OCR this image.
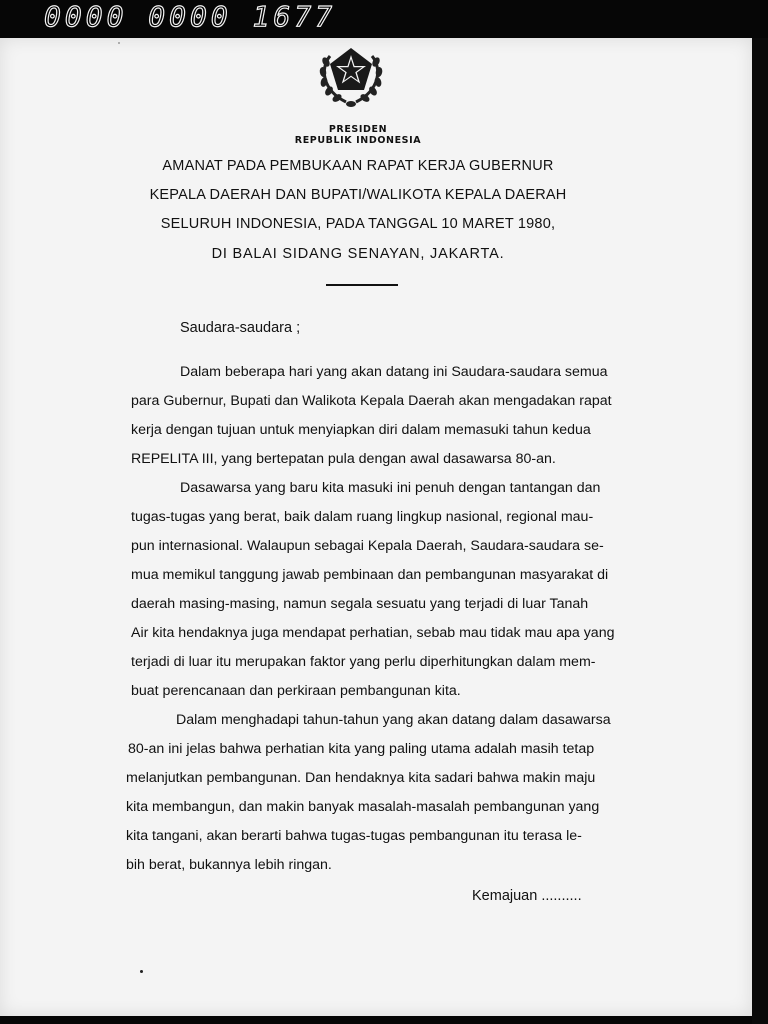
0000 0000 1677
PRESIDEN
REPUBLIK INDONESIA
AMANAT PADA PEMBUKAAN RAPAT KERJA GUBERNUR
KEPALA DAERAH DAN BUPATI/WALIKOTA KEPALA DAERAH
SELURUH INDONESIA, PADA TANGGAL 10 MARET 1980,
DI BALAI SIDANG SENAYAN, JAKARTA.
Saudara-saudara ;
Dalam beberapa hari yang akan datang ini Saudara-saudara semua
para Gubernur, Bupati dan Walikota Kepala Daerah akan mengadakan rapat
kerja dengan tujuan untuk menyiapkan diri dalam memasuki tahun kedua
REPELITA III, yang bertepatan pula dengan awal dasawarsa 80-an.
Dasawarsa yang baru kita masuki ini penuh dengan tantangan dan
tugas-tugas yang berat, baik dalam ruang lingkup nasional, regional mau-
pun internasional. Walaupun sebagai Kepala Daerah, Saudara-saudara se-
mua memikul tanggung jawab pembinaan dan pembangunan masyarakat di
daerah masing-masing, namun segala sesuatu yang terjadi di luar Tanah
Air kita hendaknya juga mendapat perhatian, sebab mau tidak mau apa yang
terjadi di luar itu merupakan faktor yang perlu diperhitungkan dalam mem-
buat perencanaan dan perkiraan pembangunan kita.
Dalam menghadapi tahun-tahun yang akan datang dalam dasawarsa
80-an ini jelas bahwa perhatian kita yang paling utama adalah masih tetap
melanjutkan pembangunan. Dan hendaknya kita sadari bahwa makin maju
kita membangun, dan makin banyak masalah-masalah pembangunan yang
kita tangani, akan berarti bahwa tugas-tugas pembangunan itu terasa le-
bih berat, bukannya lebih ringan.
Kemajuan ..........
